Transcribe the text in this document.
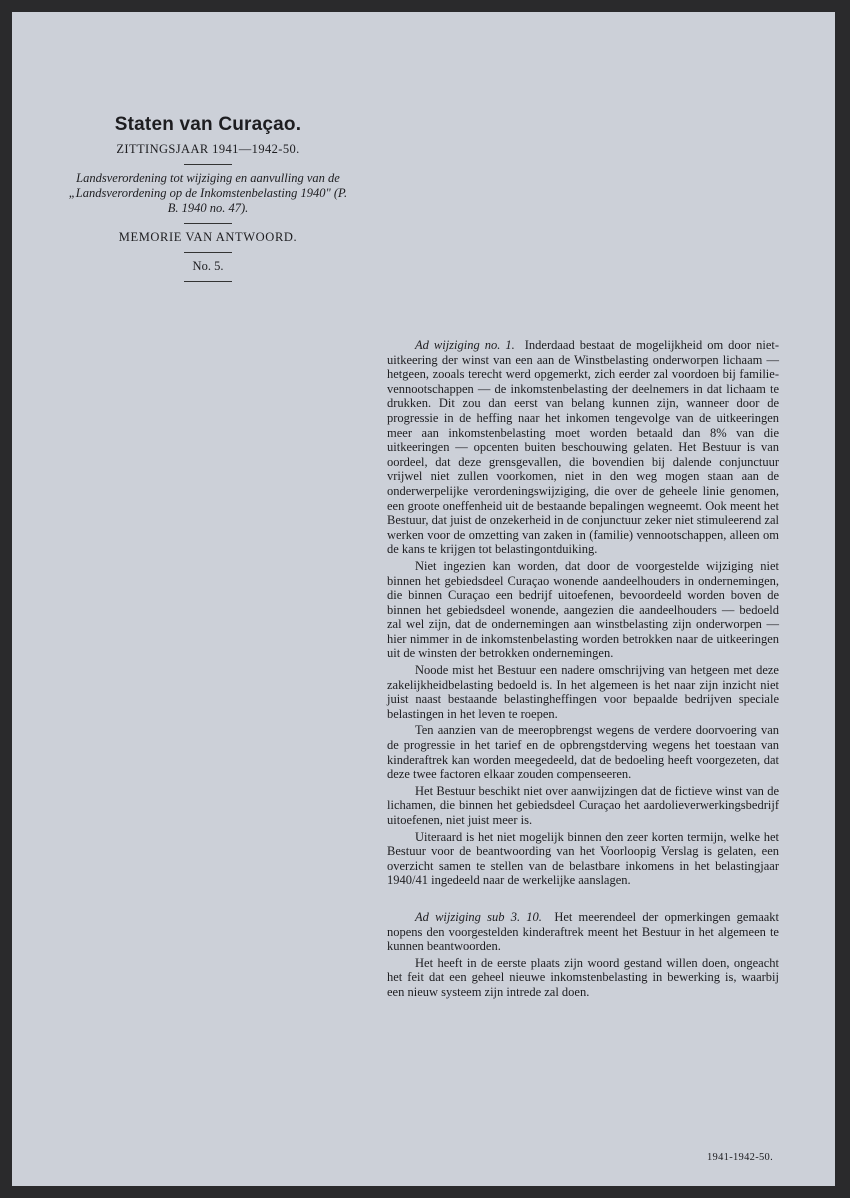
Staten van Curaçao.
ZITTINGSJAAR 1941—1942-50.
Landsverordening tot wijziging en aanvulling van de „Landsverordening op de Inkomstenbelasting 1940" (P. B. 1940 no. 47).
MEMORIE VAN ANTWOORD.
No. 5.

Ad wijziging no. 1. Inderdaad bestaat de mogelijkheid om door niet-uitkeering der winst van een aan de Winstbelasting onderworpen lichaam — hetgeen, zooals terecht werd opgemerkt, zich eerder zal voordoen bij familie-vennootschappen — de inkomstenbelasting der deelnemers in dat lichaam te drukken. Dit zou dan eerst van belang kunnen zijn, wanneer door de progressie in de heffing naar het inkomen tengevolge van de uitkeeringen meer aan inkomstenbelasting moet worden betaald dan 8% van die uitkeeringen — opcenten buiten beschouwing gelaten. Het Bestuur is van oordeel, dat deze grensgevallen, die bovendien bij dalende conjunctuur vrijwel niet zullen voorkomen, niet in den weg mogen staan aan de onderwerpelijke verordeningswijziging, die over de geheele linie genomen, een groote oneffenheid uit de bestaande bepalingen wegneemt. Ook meent het Bestuur, dat juist de onzekerheid in de conjunctuur zeker niet stimuleerend zal werken voor de omzetting van zaken in (familie) vennootschappen, alleen om de kans te krijgen tot belastingontduiking.

Niet ingezien kan worden, dat door de voorgestelde wijziging niet binnen het gebiedsdeel Curaçao wonende aandeelhouders in ondernemingen, die binnen Curaçao een bedrijf uitoefenen, bevoordeeld worden boven de binnen het gebiedsdeel wonende, aangezien die aandeelhouders — bedoeld zal wel zijn, dat de ondernemingen aan winstbelasting zijn onderworpen — hier nimmer in de inkomstenbelasting worden betrokken naar de uitkeeringen uit de winsten der betrokken ondernemingen.

Noode mist het Bestuur een nadere omschrijving van hetgeen met deze zakelijkheidbelasting bedoeld is. In het algemeen is het naar zijn inzicht niet juist naast bestaande belastingheffingen voor bepaalde bedrijven speciale belastingen in het leven te roepen.

Ten aanzien van de meeropbrengst wegens de verdere doorvoering van de progressie in het tarief en de opbrengstderving wegens het toestaan van kinderaftrek kan worden meegedeeld, dat de bedoeling heeft voorgezeten, dat deze twee factoren elkaar zouden compenseeren.

Het Bestuur beschikt niet over aanwijzingen dat de fictieve winst van de lichamen, die binnen het gebiedsdeel Curaçao het aardolieverwerkingsbedrijf uitoefenen, niet juist meer is.

Uiteraard is het niet mogelijk binnen den zeer korten termijn, welke het Bestuur voor de beantwoording van het Voorloopig Verslag is gelaten, een overzicht samen te stellen van de belastbare inkomens in het belastingjaar 1940/41 ingedeeld naar de werkelijke aanslagen.

Ad wijziging sub 3. 10. Het meerendeel der opmerkingen gemaakt nopens den voorgestelden kinderaftrek meent het Bestuur in het algemeen te kunnen beantwoorden.

Het heeft in de eerste plaats zijn woord gestand willen doen, ongeacht het feit dat een geheel nieuwe inkomstenbelasting in bewerking is, waarbij een nieuw systeem zijn intrede zal doen.

1941-1942-50.
